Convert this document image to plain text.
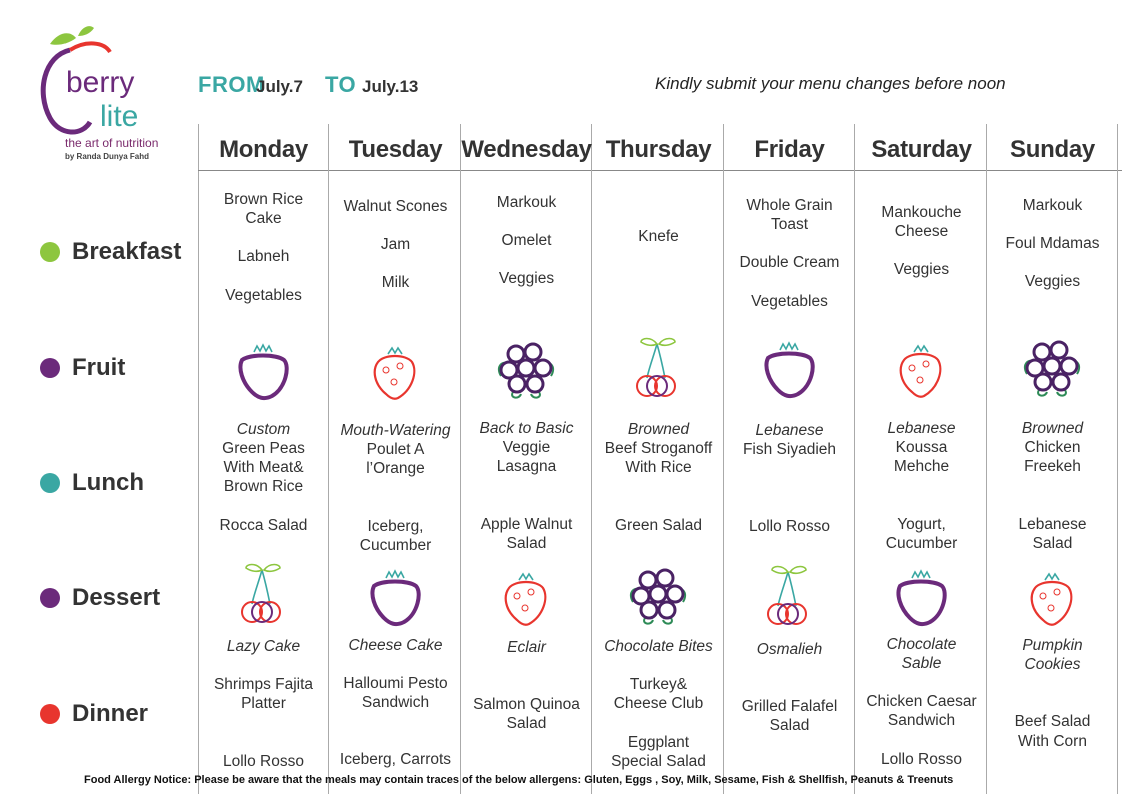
berry
lite
the art of nutrition
by Randa Dunya Fahd
FROM
July.7 TO July.13	Kindly submit your menu changes before noon
Breakfast
Fruit
Lunch
Dessert
Dinner
Monday
Brown Rice
Cake
Labneh
Vegetables
Custom
Green Peas
With Meat&
Brown Rice
Rocca Salad
Lazy Cake
Shrimps Fajita
Platter
Lollo Rosso
Tuesday
Walnut Scones
Jam
Milk
Mouth-Watering
Poulet A
l’Orange
Iceberg,
Cucumber
Cheese Cake
Halloumi Pesto
Sandwich
Iceberg, Carrots
Wednesday
Markouk
Omelet
Veggies
Back to Basic
Veggie
Lasagna
Apple Walnut
Salad
Eclair
Salmon Quinoa
Salad
Thursday
Knefe
Browned
Beef Stroganoff
With Rice
Green Salad
Chocolate Bites
Turkey&
Cheese Club
Eggplant
Special Salad
Friday
Whole Grain
Toast
Double Cream
Vegetables
Lebanese
Fish Siyadieh
Lollo Rosso
Osmalieh
Grilled Falafel
Salad
Saturday
Mankouche
Cheese
Veggies
Lebanese
Koussa
Mehche
Yogurt,
Cucumber
Chocolate
Sable
Chicken Caesar
Sandwich
Lollo Rosso
Sunday
Markouk
Foul Mdamas
Veggies
Browned
Chicken
Freekeh
Lebanese
Salad
Pumpkin
Cookies
Beef Salad
With Corn
Food Allergy Notice: Please be aware that the meals may contain traces of the below allergens: Gluten, Eggs , Soy, Milk, Sesame, Fish & Shellfish, Peanuts & Treenuts
